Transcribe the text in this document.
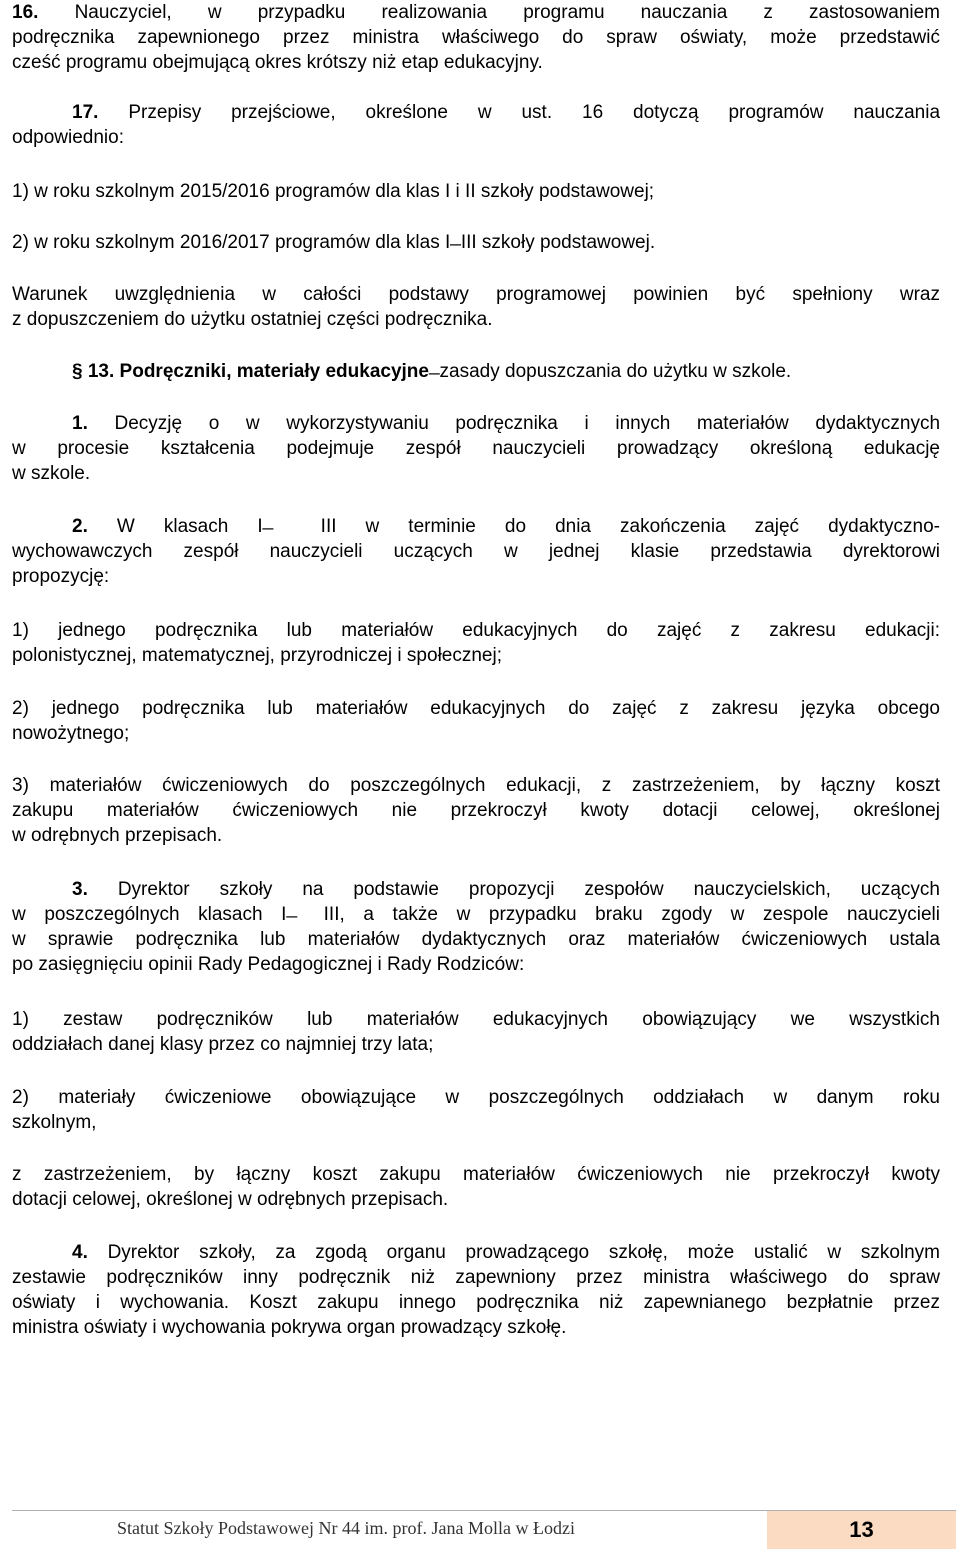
16. Nauczyciel, w przypadku realizowania programu nauczania z zastosowaniem

podręcznika zapewnionego przez ministra właściwego do spraw oświaty, może przedstawić

cześć programu obejmującą okres krótszy niż etap edukacyjny.

17. Przepisy przejściowe, określone w ust. 16 dotyczą programów nauczania

odpowiednio:

1) w roku szkolnym 2015/2016 programów dla klas I i II szkoły podstawowej;

2) w roku szkolnym 2016/2017 programów dla klas I ̶ III szkoły podstawowej.

Warunek uwzględnienia w całości podstawy programowej powinien być spełniony wraz

z dopuszczeniem do użytku ostatniej części podręcznika.

§ 13. Podręczniki, materiały edukacyjne ̶ zasady dopuszczania do użytku w szkole.

1. Decyzję o w wykorzystywaniu podręcznika i innych materiałów dydaktycznych

w procesie kształcenia podejmuje zespół nauczycieli prowadzący określoną edukację

w szkole.

2. W klasach I ̶ III w terminie do dnia zakończenia zajęć dydaktyczno-

wychowawczych zespół nauczycieli uczących w jednej klasie przedstawia dyrektorowi

propozycję:

1) jednego podręcznika lub materiałów edukacyjnych do zajęć z zakresu edukacji:

polonistycznej, matematycznej, przyrodniczej i społecznej;

2) jednego podręcznika lub materiałów edukacyjnych do zajęć z zakresu języka obcego

nowożytnego;

3) materiałów ćwiczeniowych do poszczególnych edukacji, z zastrzeżeniem, by łączny koszt

zakupu materiałów ćwiczeniowych nie przekroczył kwoty dotacji celowej, określonej

w odrębnych przepisach.

3. Dyrektor szkoły na podstawie propozycji zespołów nauczycielskich, uczących

w poszczególnych klasach I ̶ III, a także w przypadku braku zgody w zespole nauczycieli

w sprawie podręcznika lub materiałów dydaktycznych oraz materiałów ćwiczeniowych ustala

po zasięgnięciu opinii Rady Pedagogicznej i Rady Rodziców:

1) zestaw podręczników lub materiałów edukacyjnych obowiązujący we wszystkich

oddziałach danej klasy przez co najmniej trzy lata;

2) materiały ćwiczeniowe obowiązujące w poszczególnych oddziałach w danym roku

szkolnym,

z zastrzeżeniem, by łączny koszt zakupu materiałów ćwiczeniowych nie przekroczył kwoty

dotacji celowej, określonej w odrębnych przepisach.

4. Dyrektor szkoły, za zgodą organu prowadzącego szkołę, może ustalić w szkolnym

zestawie podręczników inny podręcznik niż zapewniony przez ministra właściwego do spraw

oświaty i wychowania. Koszt zakupu innego podręcznika niż zapewnianego bezpłatnie przez

ministra oświaty i wychowania pokrywa organ prowadzący szkołę.

Statut Szkoły Podstawowej Nr 44 im. prof. Jana Molla w Łodzi	13
